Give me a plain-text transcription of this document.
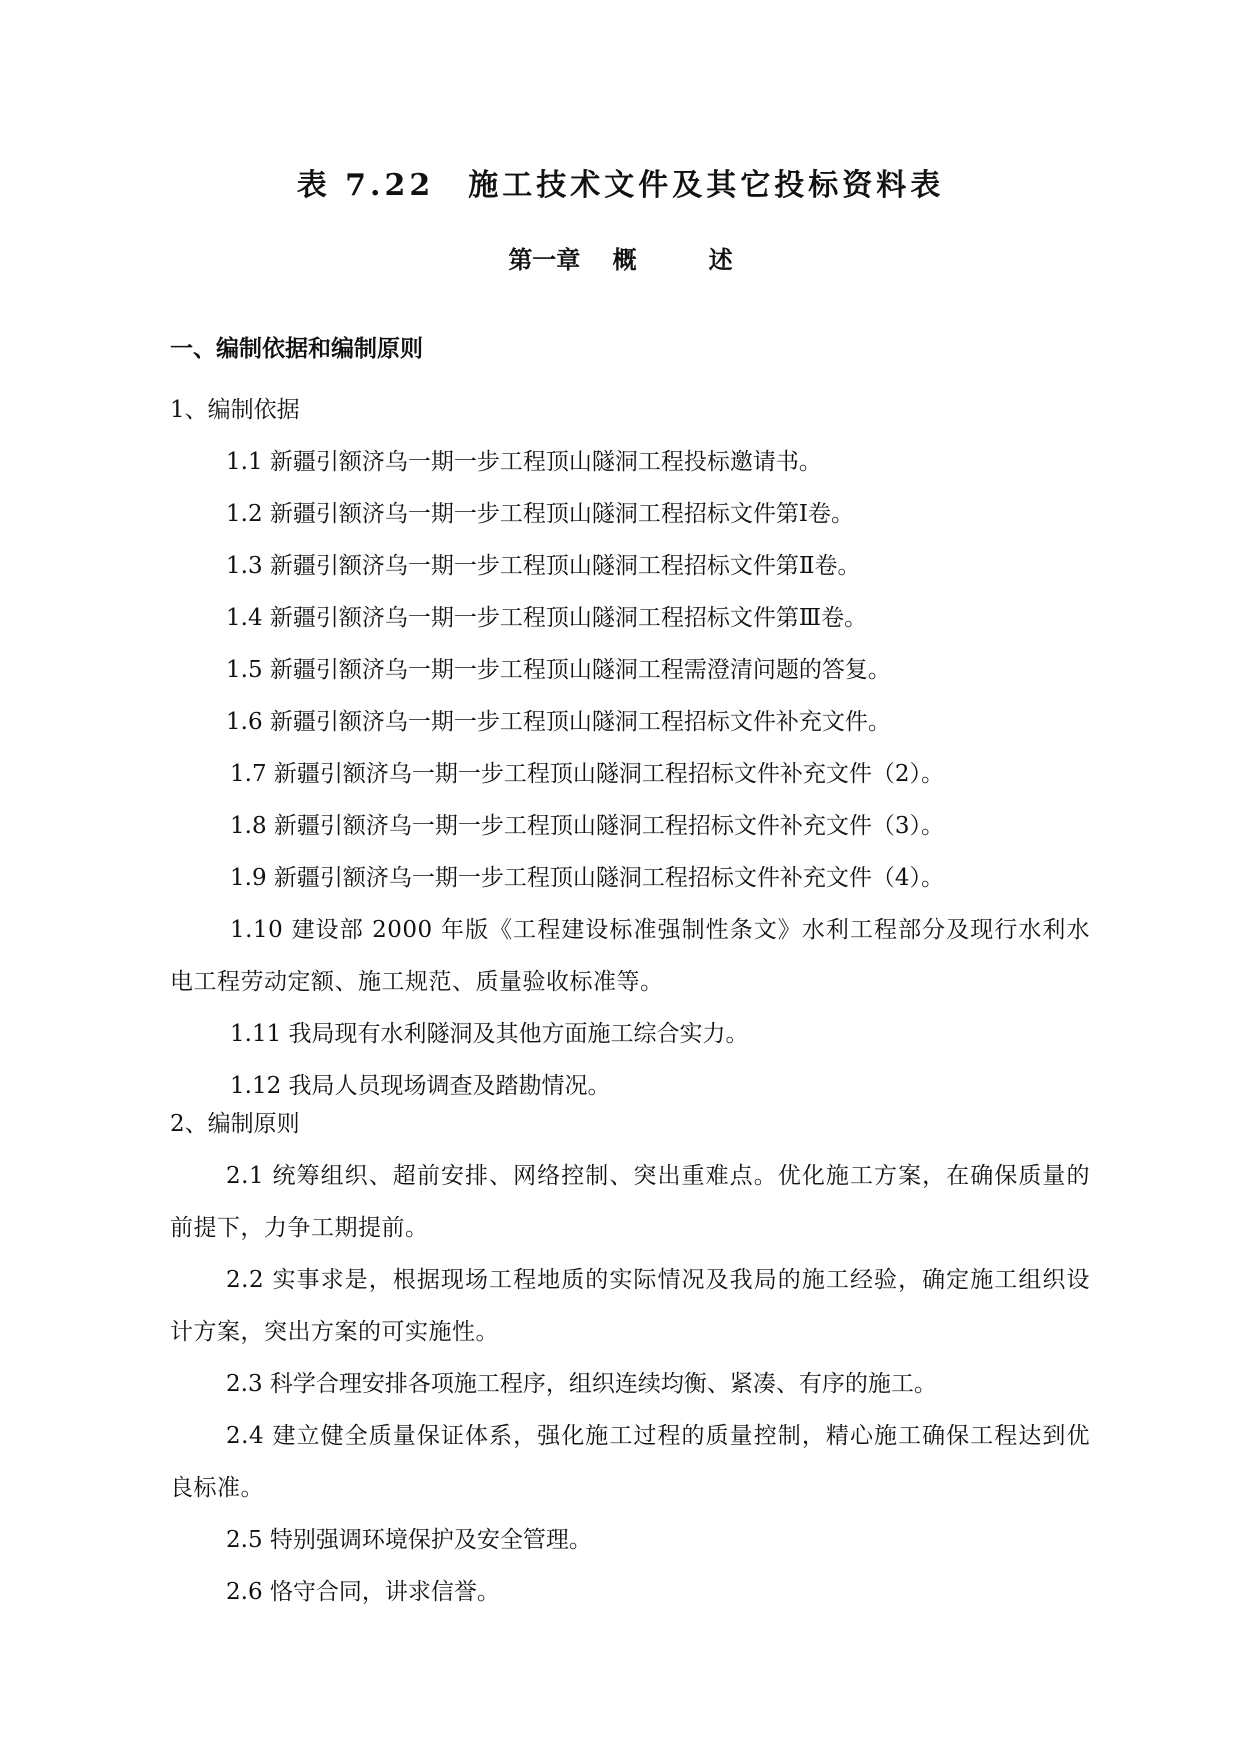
表 7.22　施工技术文件及其它投标资料表
第一章　 概　　　述
一、编制依据和编制原则

1、编制依据

1.1 新疆引额济乌一期一步工程顶山隧洞工程投标邀请书。

1.2 新疆引额济乌一期一步工程顶山隧洞工程招标文件第Ⅰ卷。

1.3 新疆引额济乌一期一步工程顶山隧洞工程招标文件第Ⅱ卷。

1.4 新疆引额济乌一期一步工程顶山隧洞工程招标文件第Ⅲ卷。

1.5 新疆引额济乌一期一步工程顶山隧洞工程需澄清问题的答复。

1.6 新疆引额济乌一期一步工程顶山隧洞工程招标文件补充文件。

1.7 新疆引额济乌一期一步工程顶山隧洞工程招标文件补充文件（2）。

1.8 新疆引额济乌一期一步工程顶山隧洞工程招标文件补充文件（3）。

1.9 新疆引额济乌一期一步工程顶山隧洞工程招标文件补充文件（4）。

1.10 建设部 2000 年版《工程建设标准强制性条文》水利工程部分及现行水利水电工程劳动定额、施工规范、质量验收标准等。

1.11 我局现有水利隧洞及其他方面施工综合实力。

1.12 我局人员现场调查及踏勘情况。

2、编制原则

2.1 统筹组织、超前安排、网络控制、突出重难点。优化施工方案，在确保质量的前提下，力争工期提前。

2.2 实事求是，根据现场工程地质的实际情况及我局的施工经验，确定施工组织设计方案，突出方案的可实施性。

2.3 科学合理安排各项施工程序，组织连续均衡、紧凑、有序的施工。

2.4 建立健全质量保证体系，强化施工过程的质量控制，精心施工确保工程达到优良标准。

2.5 特别强调环境保护及安全管理。

2.6 恪守合同，讲求信誉。
